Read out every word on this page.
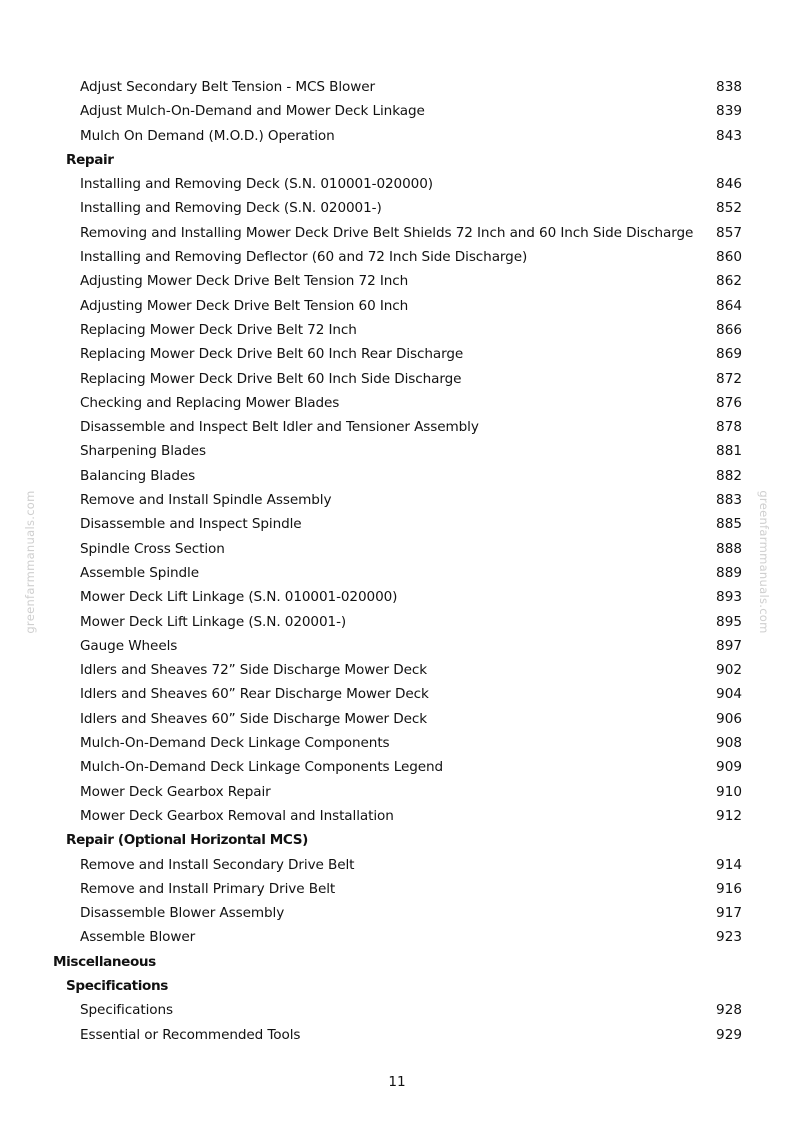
greenfarmmanuals.com	greenfarmmanuals.com
Adjust Secondary Belt Tension - MCS Blower	838
Adjust Mulch-On-Demand and Mower Deck Linkage	839
Mulch On Demand (M.O.D.) Operation	843
Repair
Installing and Removing Deck (S.N. 010001-020000)	846
Installing and Removing Deck (S.N. 020001-)	852
Removing and Installing Mower Deck Drive Belt Shields 72 Inch and 60 Inch Side Discharge 857
Installing and Removing Deflector (60 and 72 Inch Side Discharge)	860
Adjusting Mower Deck Drive Belt Tension 72 Inch	862
Adjusting Mower Deck Drive Belt Tension 60 Inch	864
Replacing Mower Deck Drive Belt 72 Inch	866
Replacing Mower Deck Drive Belt 60 Inch Rear Discharge	869
Replacing Mower Deck Drive Belt 60 Inch Side Discharge	872
Checking and Replacing Mower Blades	876
Disassemble and Inspect Belt Idler and Tensioner Assembly	878
Sharpening Blades	881
Balancing Blades	882
Remove and Install Spindle Assembly	883
Disassemble and Inspect Spindle	885
Spindle Cross Section	888
Assemble Spindle	889
Mower Deck Lift Linkage (S.N. 010001-020000)	893
Mower Deck Lift Linkage (S.N. 020001-)	895
Gauge Wheels	897
Idlers and Sheaves 72” Side Discharge Mower Deck	902
Idlers and Sheaves 60” Rear Discharge Mower Deck	904
Idlers and Sheaves 60” Side Discharge Mower Deck	906
Mulch-On-Demand Deck Linkage Components	908
Mulch-On-Demand Deck Linkage Components Legend	909
Mower Deck Gearbox Repair	910
Mower Deck Gearbox Removal and Installation	912
Repair (Optional Horizontal MCS)
Remove and Install Secondary Drive Belt	914
Remove and Install Primary Drive Belt	916
Disassemble Blower Assembly	917
Assemble Blower	923
Miscellaneous
Specifications
Specifications	928
Essential or Recommended Tools	929
11
